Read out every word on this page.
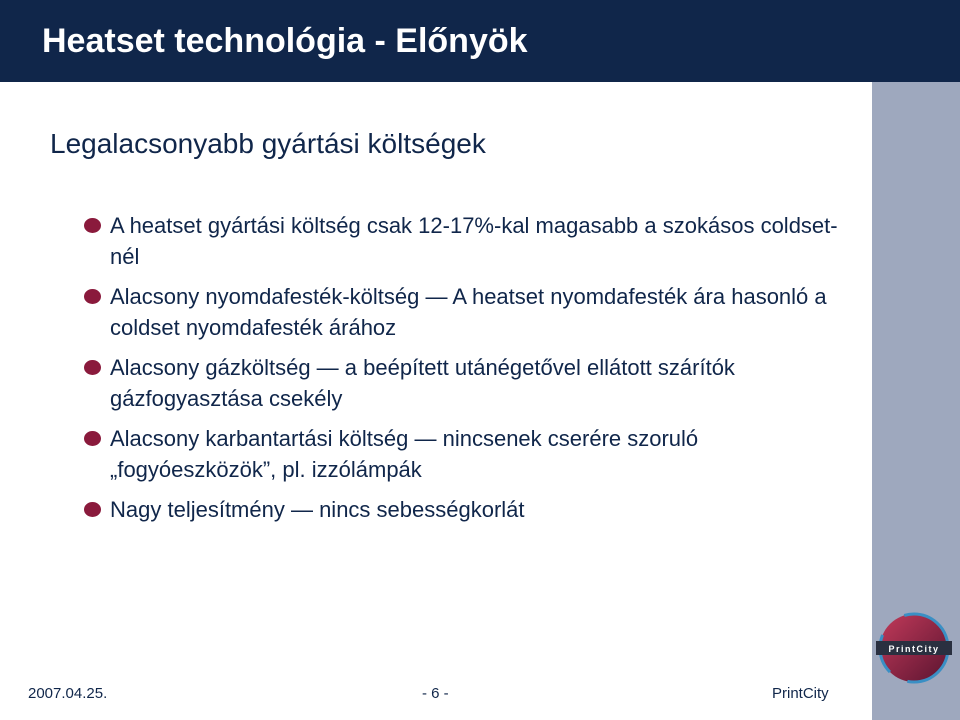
Heatset technológia - Előnyök
Legalacsonyabb gyártási költségek
A heatset gyártási költség csak 12-17%-kal magasabb a szokásos coldset-nél
Alacsony nyomdafesték-költség — A heatset nyomdafesték ára hasonló a coldset nyomdafesték árához
Alacsony gázköltség — a beépített utánégetővel ellátott szárítók gázfogyasztása csekély
Alacsony karbantartási költség — nincsenek cserére szoruló „fogyóeszközök”, pl. izzólámpák
Nagy teljesítmény — nincs sebességkorlát
PrintCity
2007.04.25.	- 6 -	PrintCity
